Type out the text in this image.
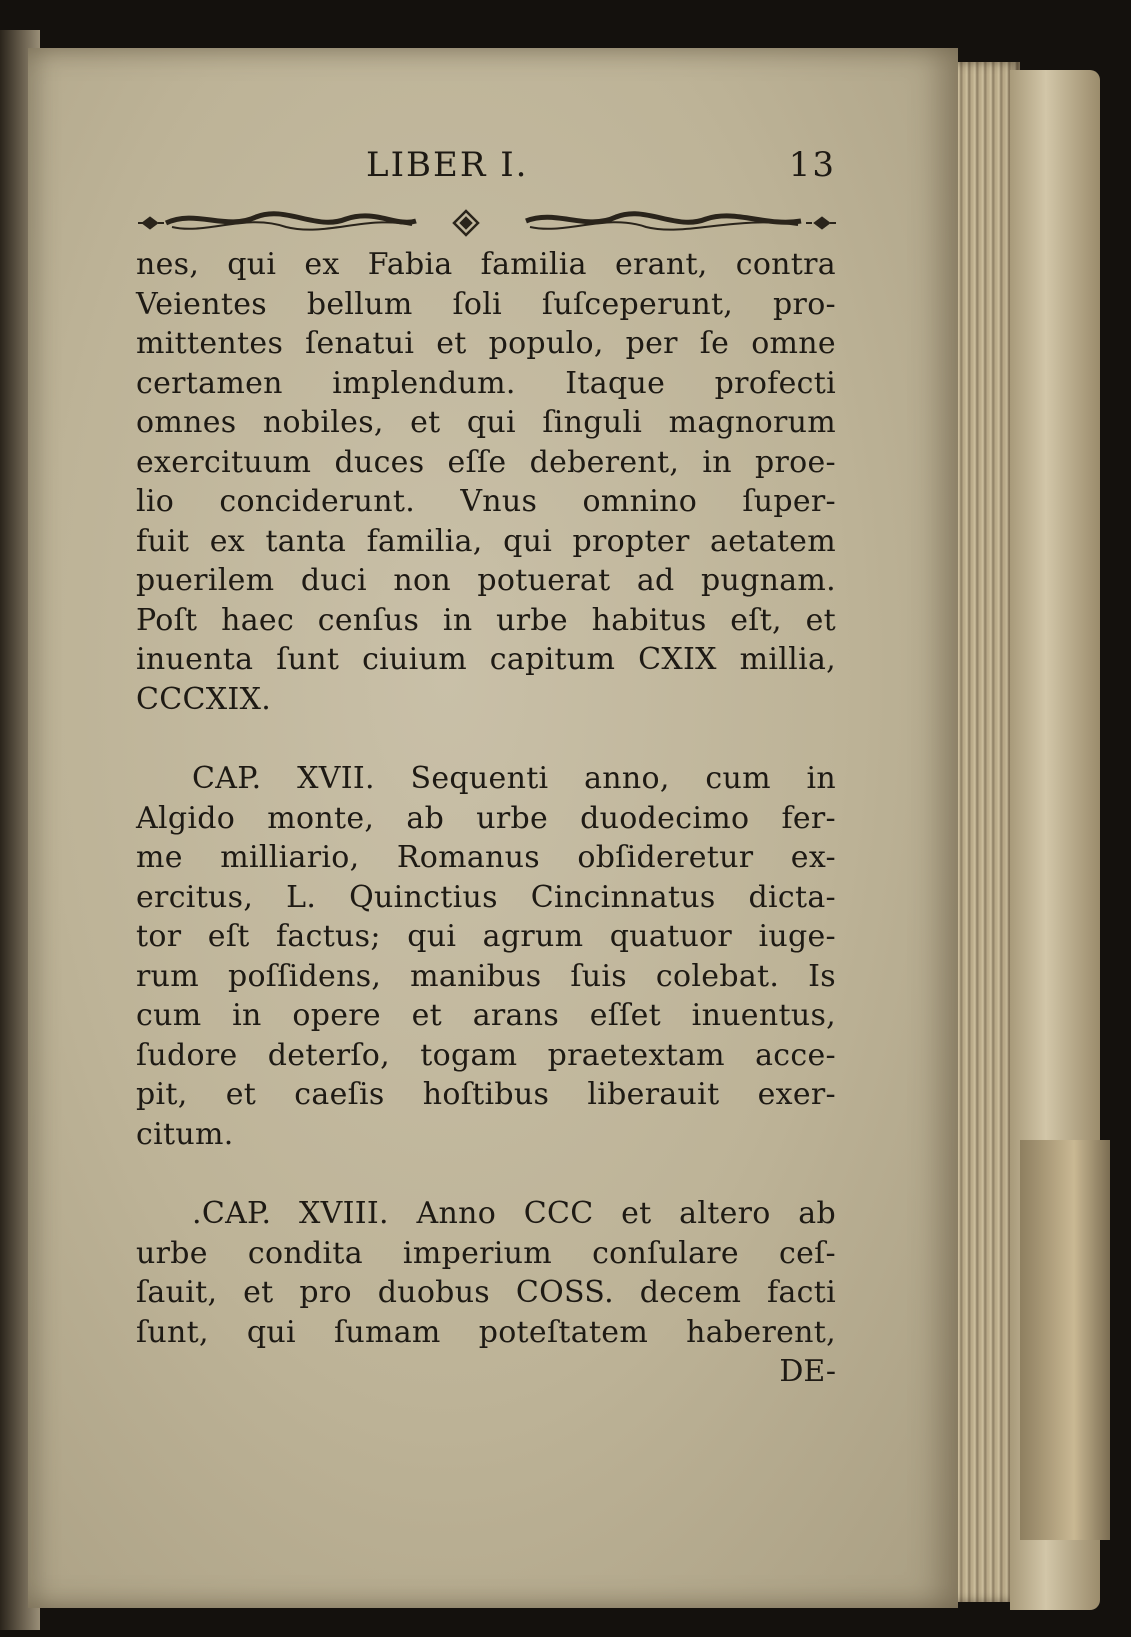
LIBER I.	13

nes, qui ex Fabia familia erant, contra
Veientes bellum ſoli ſuſceperunt, pro-
mittentes ſenatui et populo, per ſe omne
certamen implendum. Itaque profecti
omnes nobiles, et qui ſinguli magnorum
exercituum duces eſſe deberent, in proe-
lio conciderunt. Vnus omnino ſuper-
fuit ex tanta familia, qui propter aetatem
puerilem duci non potuerat ad pugnam.
Poſt haec cenſus in urbe habitus eſt, et
inuenta ſunt ciuium capitum CXIX millia,
CCCXIX.

CAP. XVII. Sequenti anno, cum in
Algido monte, ab urbe duodecimo fer-
me milliario, Romanus obſideretur ex-
ercitus, L. Quinctius Cincinnatus dicta-
tor eſt factus; qui agrum quatuor iuge-
rum poſſidens, manibus ſuis colebat. Is
cum in opere et arans eſſet inuentus,
ſudore deterſo, togam praetextam acce-
pit, et caeſis hoſtibus liberauit exer-
citum.

.CAP. XVIII. Anno CCC et altero ab
urbe condita imperium conſulare ceſ-
ſauit, et pro duobus COSS. decem facti
ſunt, qui ſumam poteſtatem haberent,

DE-
